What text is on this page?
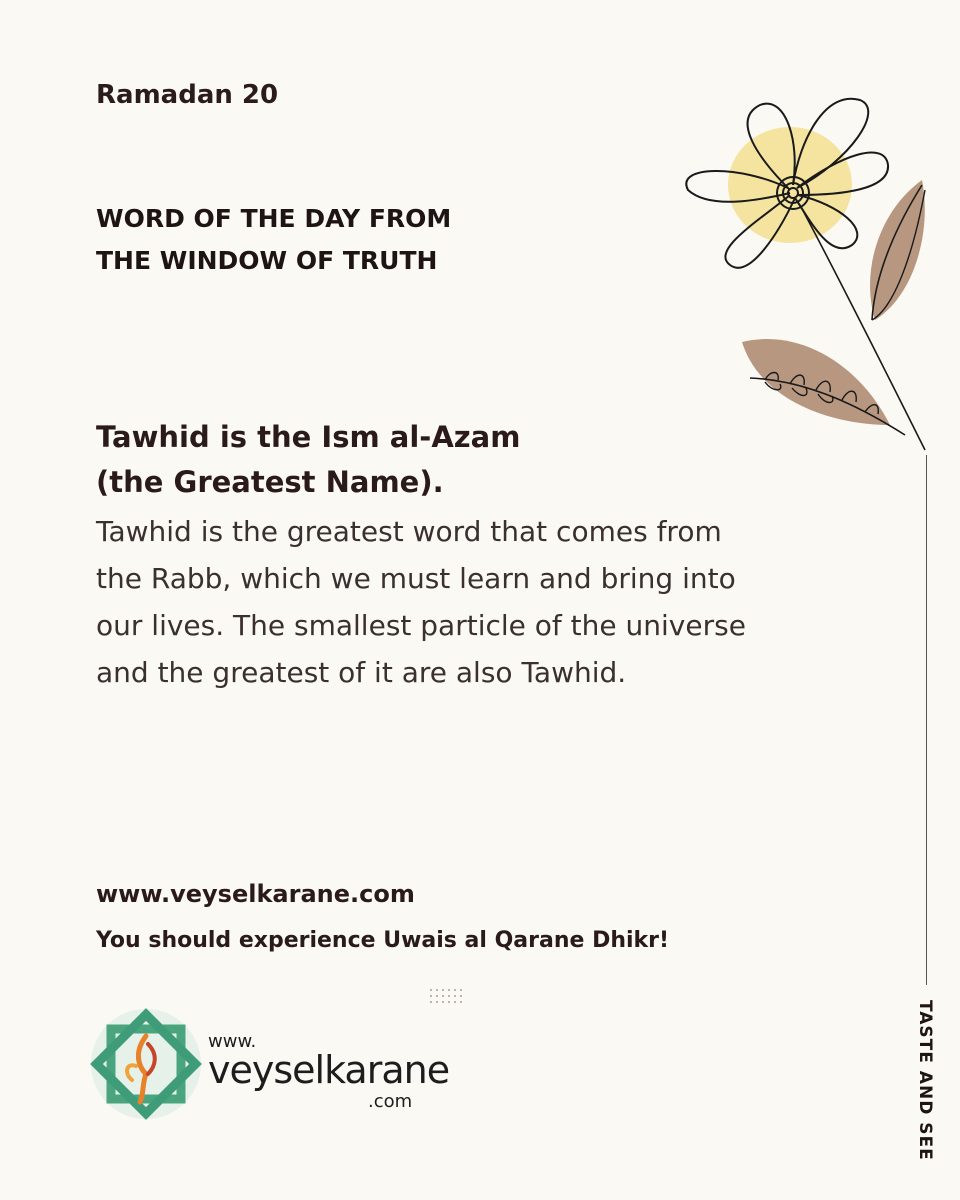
Ramadan 20
WORD OF THE DAY FROM
THE WINDOW OF TRUTH
Tawhid is the Ism al-Azam
(the Greatest Name).
Tawhid is the greatest word that comes from the Rabb, which we must learn and bring into our lives. The smallest particle of the universe and the greatest of it are also Tawhid.
www.veyselkarane.com
You should experience Uwais al Qarane Dhikr!
www.
veyselkarane
.com	TASTE AND SEE
